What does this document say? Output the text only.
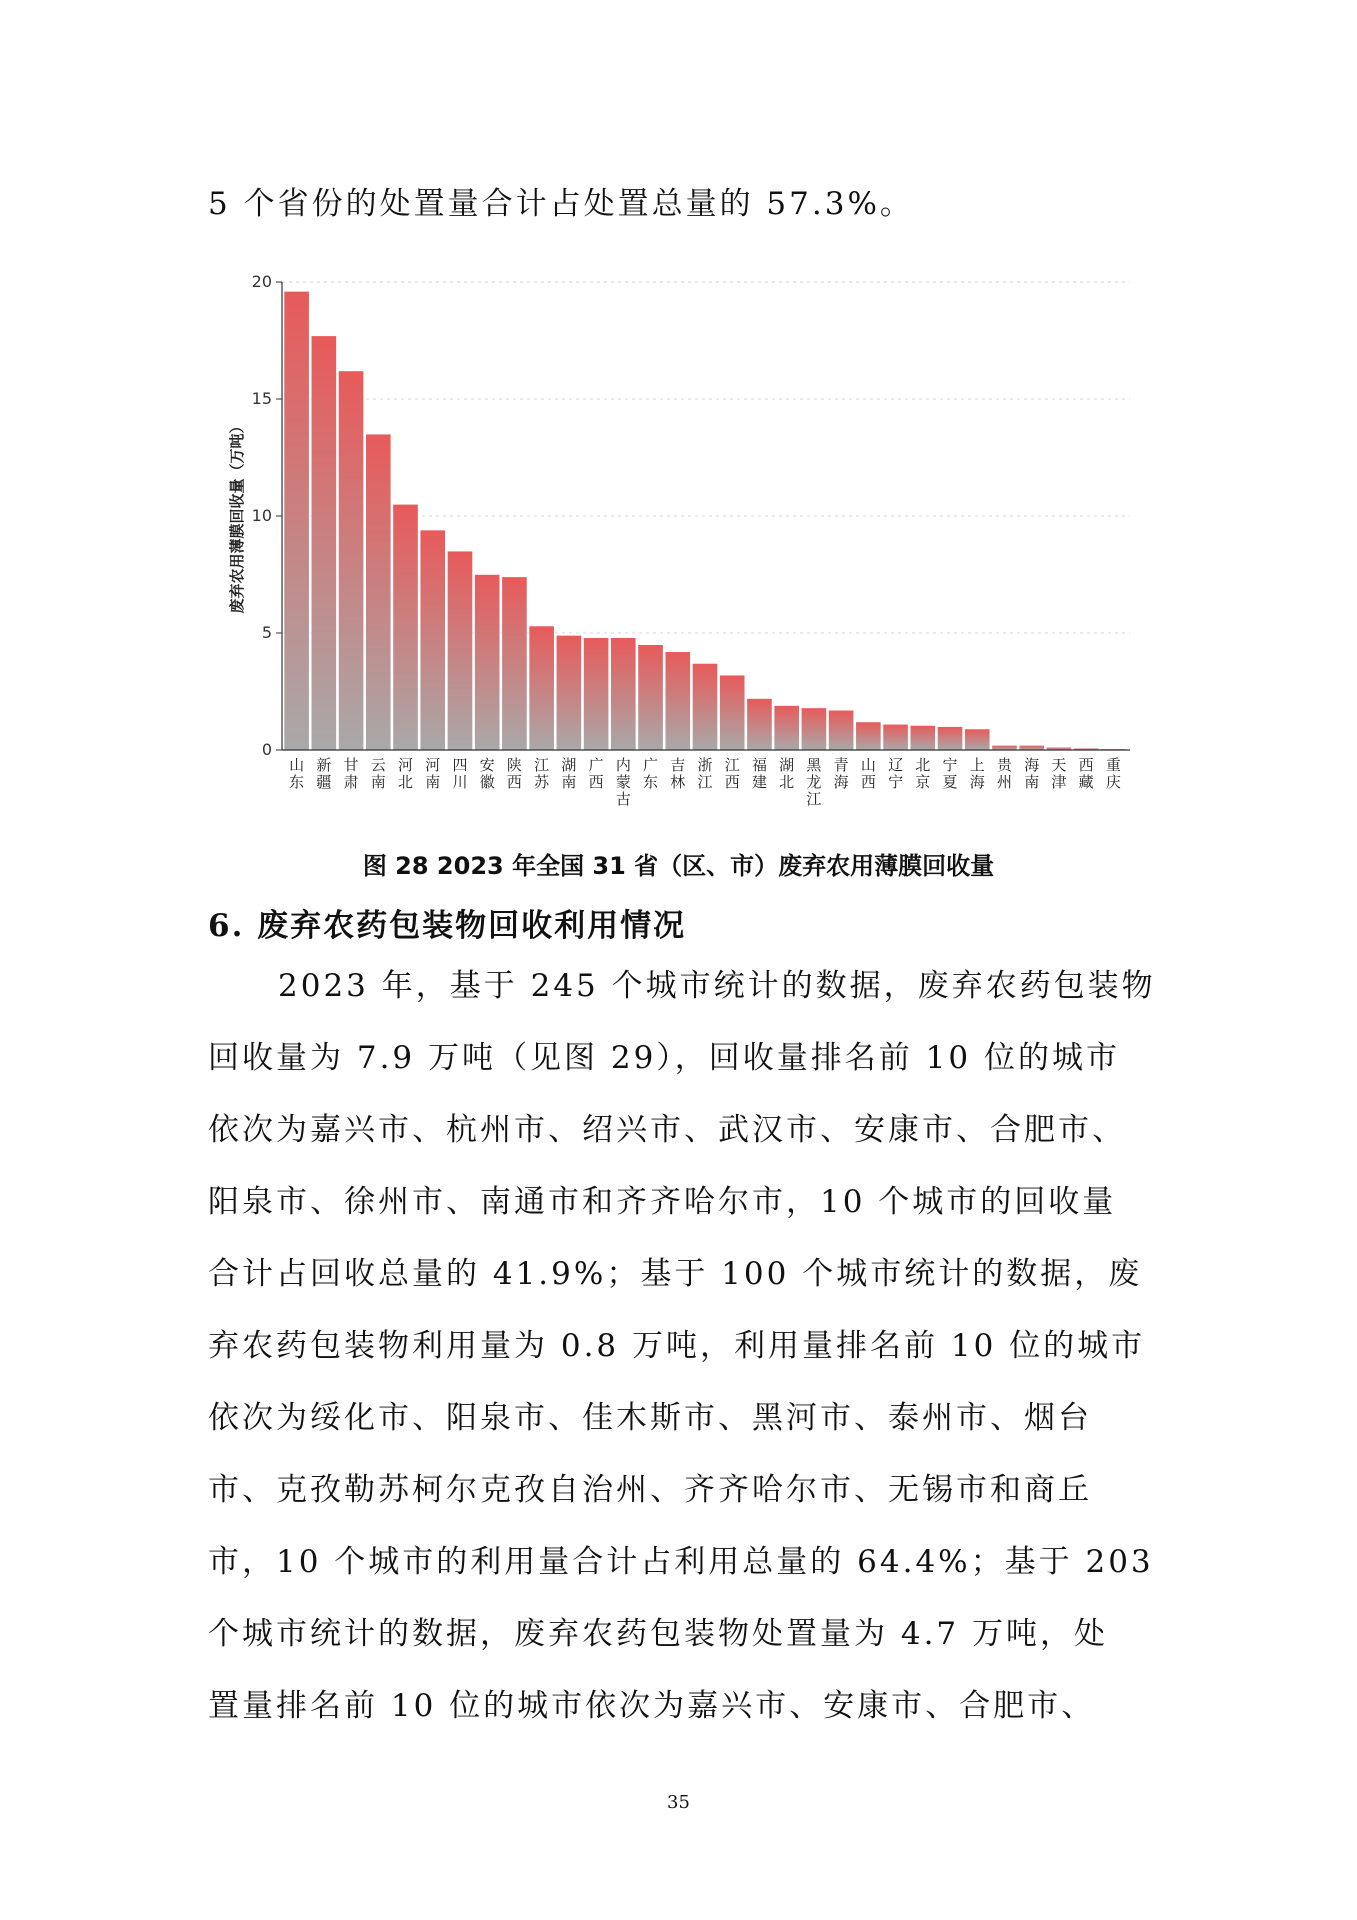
5 个省份的处置量合计占处置总量的 57.3%。
0
5
10
15
20
废弃农用薄膜回收量（万吨）
山东
新疆
甘肃
云南
河北
河南
四川
安徽
陕西
江苏
湖南
广西
内蒙古
广东
吉林
浙江
江西
福建
湖北
黑龙江
青海
山西
辽宁
北京
宁夏
上海
贵州
海南
天津
西藏
重庆
图 28 2023 年全国 31 省（区、市）废弃农用薄膜回收量
6. 废弃农药包装物回收利用情况
2023 年，基于 245 个城市统计的数据，废弃农药包装物
回收量为 7.9 万吨（见图 29），回收量排名前 10 位的城市
依次为嘉兴市、杭州市、绍兴市、武汉市、安康市、合肥市、
阳泉市、徐州市、南通市和齐齐哈尔市，10 个城市的回收量
合计占回收总量的 41.9%；基于 100 个城市统计的数据，废
弃农药包装物利用量为 0.8 万吨，利用量排名前 10 位的城市
依次为绥化市、阳泉市、佳木斯市、黑河市、泰州市、烟台
市、克孜勒苏柯尔克孜自治州、齐齐哈尔市、无锡市和商丘
市，10 个城市的利用量合计占利用总量的 64.4%；基于 203
个城市统计的数据，废弃农药包装物处置量为 4.7 万吨，处
置量排名前 10 位的城市依次为嘉兴市、安康市、合肥市、
35
